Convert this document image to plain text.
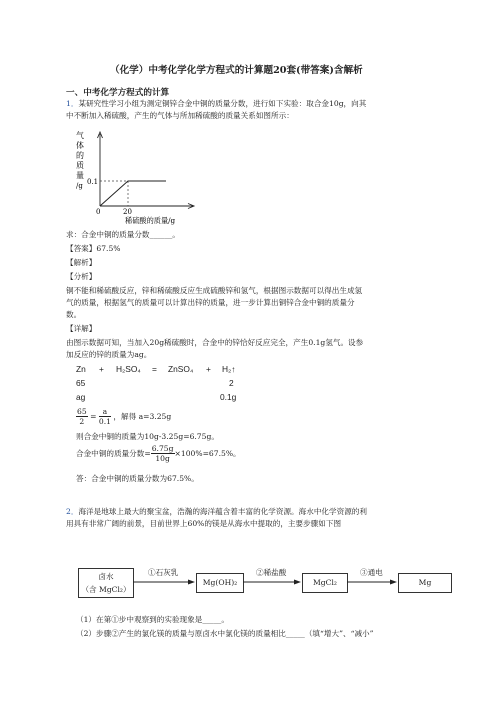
（化学）中考化学化学方程式的计算题20套(带答案)含解析
一、中考化学方程式的计算
1．某研究性学习小组为测定铜锌合金中铜的质量分数，进行如下实验：取合金10g，向其
中不断加入稀硫酸，产生的气体与所加稀硫酸的质量关系如图所示：
气
体
的
质
量
/g 0.1
0	20
稀硫酸的质量/g
求：合金中铜的质量分数______。
【答案】67.5%
【解析】
【分析】
铜不能和稀硫酸反应，锌和稀硫酸反应生成硫酸锌和氢气，根据图示数据可以得出生成氢
气的质量，根据氢气的质量可以计算出锌的质量，进一步计算出铜锌合金中铜的质量分
数。
【详解】
由图示数据可知，当加入20g稀硫酸时，合金中的锌恰好反应完全，产生0.1g氢气。设参
加反应的锌的质量为ag。
Zn + H₂SO₄ = ZnSO₄ + H₂↑
65	2
ag	0.1g
$\frac{65}{2} = \frac{a}{0.1}$ ，解得 a=3.25g
则合金中铜的质量为10g-3.25g=6.75g。
合金中铜的质量分数= $\frac{6.75g}{10g} \times 100\%=67.5\%$。
答：合金中铜的质量分数为67.5%。
2．海洋是地球上最大的聚宝盆，浩瀚的海洋蕴含着丰富的化学资源。海水中化学资源的利
用具有非常广阔的前景，目前世界上60%的镁是从海水中提取的，主要步骤如下图
卤水
（含 MgCl₂）
①石灰乳
Mg(OH)₂
②稀盐酸
MgCl₂
③通电
Mg
（1）在第①步中观察到的实验现象是_____。
（2）步骤②产生的氯化镁的质量与原卤水中氯化镁的质量相比_____（填“增大”、“减小”
